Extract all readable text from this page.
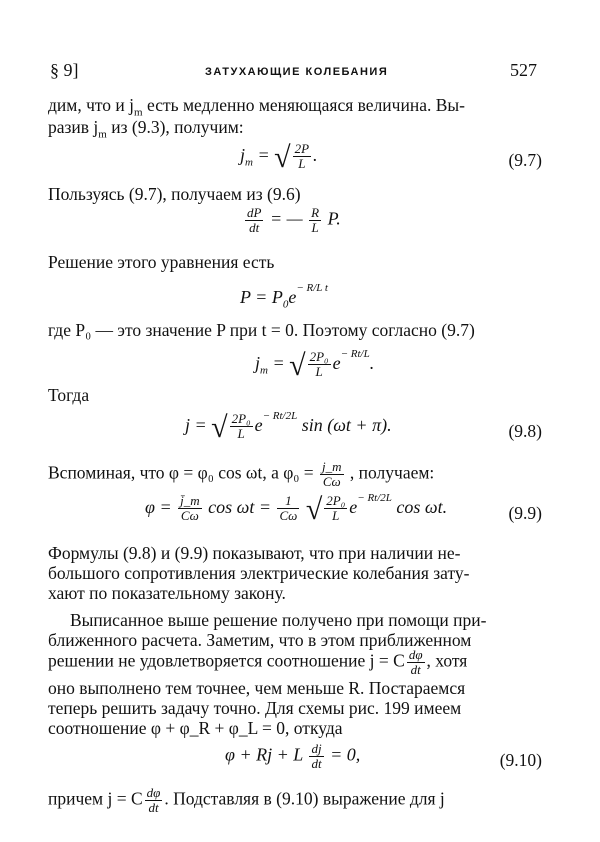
§ 9]	ЗАТУХАЮЩИЕ КОЛЕБАНИЯ	527
дим, что и $j_m$ есть медленно меняющаяся величина. Вы-
разив $j_m$ из (9.3), получим:
$j_m$ = √ $\frac{2P}{L}$ .	(9.7)
Пользуясь (9.7), получаем из (9.6)
$\frac{dP}{dt}$ = — $\frac{R}{L} P$.
Решение этого уравнения есть
$P = P_0e^{- R/L t}$
где P₀ — это значение P при t = 0. Поэтому согласно (9.7)
$j_m$ = √ $\frac{\text{2P₀}}{L} e^{- Rt/L}$.
Тогда
j = √ $\frac{\text{2P₀}}{L} e^{- Rt/2L}$ sin (ωt + π).	(9.8)
Вспоминая, что φ = φ₀ cos ωt, а $\varphi_0 = \frac{j\_m}{C\omega}$ , получаем:
$\varphi = \frac{j̄\_m}{C\omega}$ $\cos \omega t = \frac{1}{C\omega}$ √ $\frac{\text{2P₀}}{L} e^{- Rt/2L}$ cos ωt.	(9.9)
Формулы (9.8) и (9.9) показывают, что при наличии не-
большого сопротивления электрические колебания зату-
хают по показательному закону.
Выписанное выше решение получено при помощи при-
ближенного расчета. Заметим, что в этом приближенном
решении не удовлетворяется соотношение j = C $\frac{d\varphi}{dt}$ , хотя
оно выполнено тем точнее, чем меньше R. Постараемся
теперь решить задачу точно. Для схемы рис. 199 имеем
соотношение φ + φ_R + φ_L = 0, откуда
φ + Rj + L $\frac{dj}{dt} = 0$,	(9.10)
причем j = C $\frac{d\varphi}{dt}$ . Подставляя в (9.10) выражение для j
